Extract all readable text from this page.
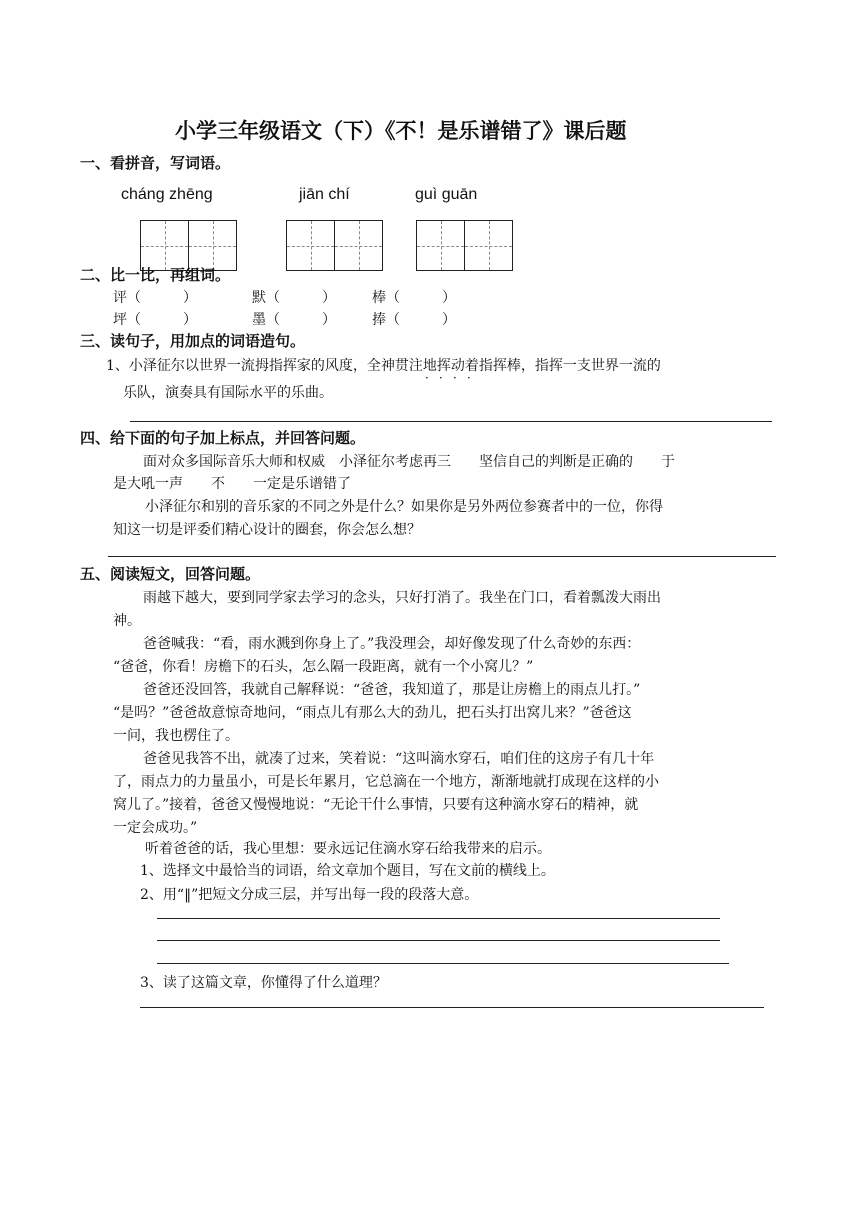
小学三年级语文（下）《不！是乐谱错了》课后题
一、看拼音，写词语。
cháng zhēng	jiān chí	guì guān
二、比一比，再组词。
评（　　　）	默（　　　）	棒（　　　）
坪（　　　）	墨（　　　）	捧（　　　）
三、读句子，用加点的词语造句。
1、小泽征尔以世界一流拇指挥家的风度，全神贯注地挥动着指挥棒，指挥一支世界一流的
· · · ·
乐队，演奏具有国际水平的乐曲。
四、给下面的句子加上标点，并回答问题。
面对众多国际音乐大师和权威　小泽征尔考虑再三　　坚信自己的判断是正确的　　于
是大吼一声　　不　　一定是乐谱错了
小泽征尔和别的音乐家的不同之外是什么？如果你是另外两位参赛者中的一位，你得
知这一切是评委们精心设计的圈套，你会怎么想？
五、阅读短文，回答问题。
雨越下越大，要到同学家去学习的念头，只好打消了。我坐在门口，看着瓢泼大雨出
神。
爸爸喊我：“看，雨水溅到你身上了。”我没理会，却好像发现了什么奇妙的东西：
“爸爸，你看！房檐下的石头，怎么隔一段距离，就有一个小窝儿？”
爸爸还没回答，我就自己解释说：“爸爸，我知道了，那是让房檐上的雨点儿打。”
“是吗？”爸爸故意惊奇地问，“雨点儿有那么大的劲儿，把石头打出窝儿来？”爸爸这
一问，我也楞住了。
爸爸见我答不出，就凑了过来，笑着说：“这叫滴水穿石，咱们住的这房子有几十年
了，雨点力的力量虽小，可是长年累月，它总滴在一个地方，渐渐地就打成现在这样的小
窝儿了。”接着，爸爸又慢慢地说：“无论干什么事情，只要有这种滴水穿石的精神，就
一定会成功。”
听着爸爸的话，我心里想：要永远记住滴水穿石给我带来的启示。
1、选择文中最恰当的词语，给文章加个题目，写在文前的横线上。
2、用“‖”把短文分成三层，并写出每一段的段落大意。
3、读了这篇文章，你懂得了什么道理？
